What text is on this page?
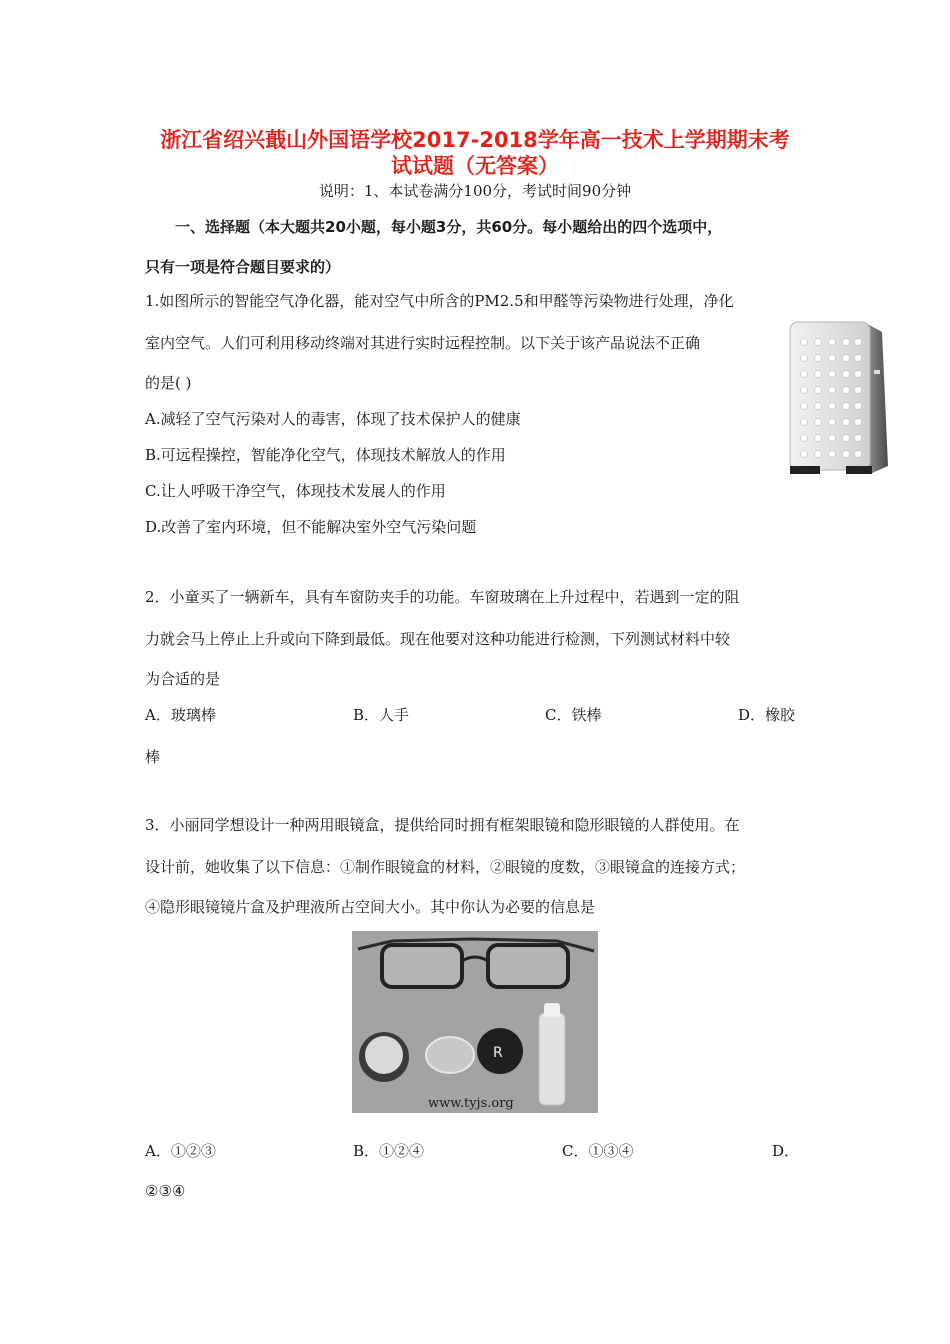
浙江省绍兴蕺山外国语学校2017-2018学年高一技术上学期期末考
试试题（无答案）
说明：1、本试卷满分100分，考试时间90分钟
一、选择题（本大题共20小题，每小题3分，共60分。每小题给出的四个选项中，
只有一项是符合题目要求的）
1.如图所示的智能空气净化器，能对空气中所含的PM2.5和甲醛等污染物进行处理，净化
室内空气。人们可利用移动终端对其进行实时远程控制。以下关于该产品说法不正确
的是( )
A.减轻了空气污染对人的毒害，体现了技术保护人的健康
B.可远程操控，智能净化空气，体现技术解放人的作用
C.让人呼吸干净空气，体现技术发展人的作用
D.改善了室内环境，但不能解决室外空气污染问题
2．小童买了一辆新车，具有车窗防夹手的功能。车窗玻璃在上升过程中，若遇到一定的阻
力就会马上停止上升或向下降到最低。现在他要对这种功能进行检测，下列测试材料中较
为合适的是
A．玻璃棒	B．人手	C．铁棒	D．橡胶
棒
3．小丽同学想设计一种两用眼镜盒，提供给同时拥有框架眼镜和隐形眼镜的人群使用。在
设计前，她收集了以下信息：①制作眼镜盒的材料，②眼镜的度数，③眼镜盒的连接方式；
④隐形眼镜镜片盒及护理液所占空间大小。其中你认为必要的信息是
R
www.tyjs.org
A．①②③	B．①②④	C．①③④	D．
②③④
